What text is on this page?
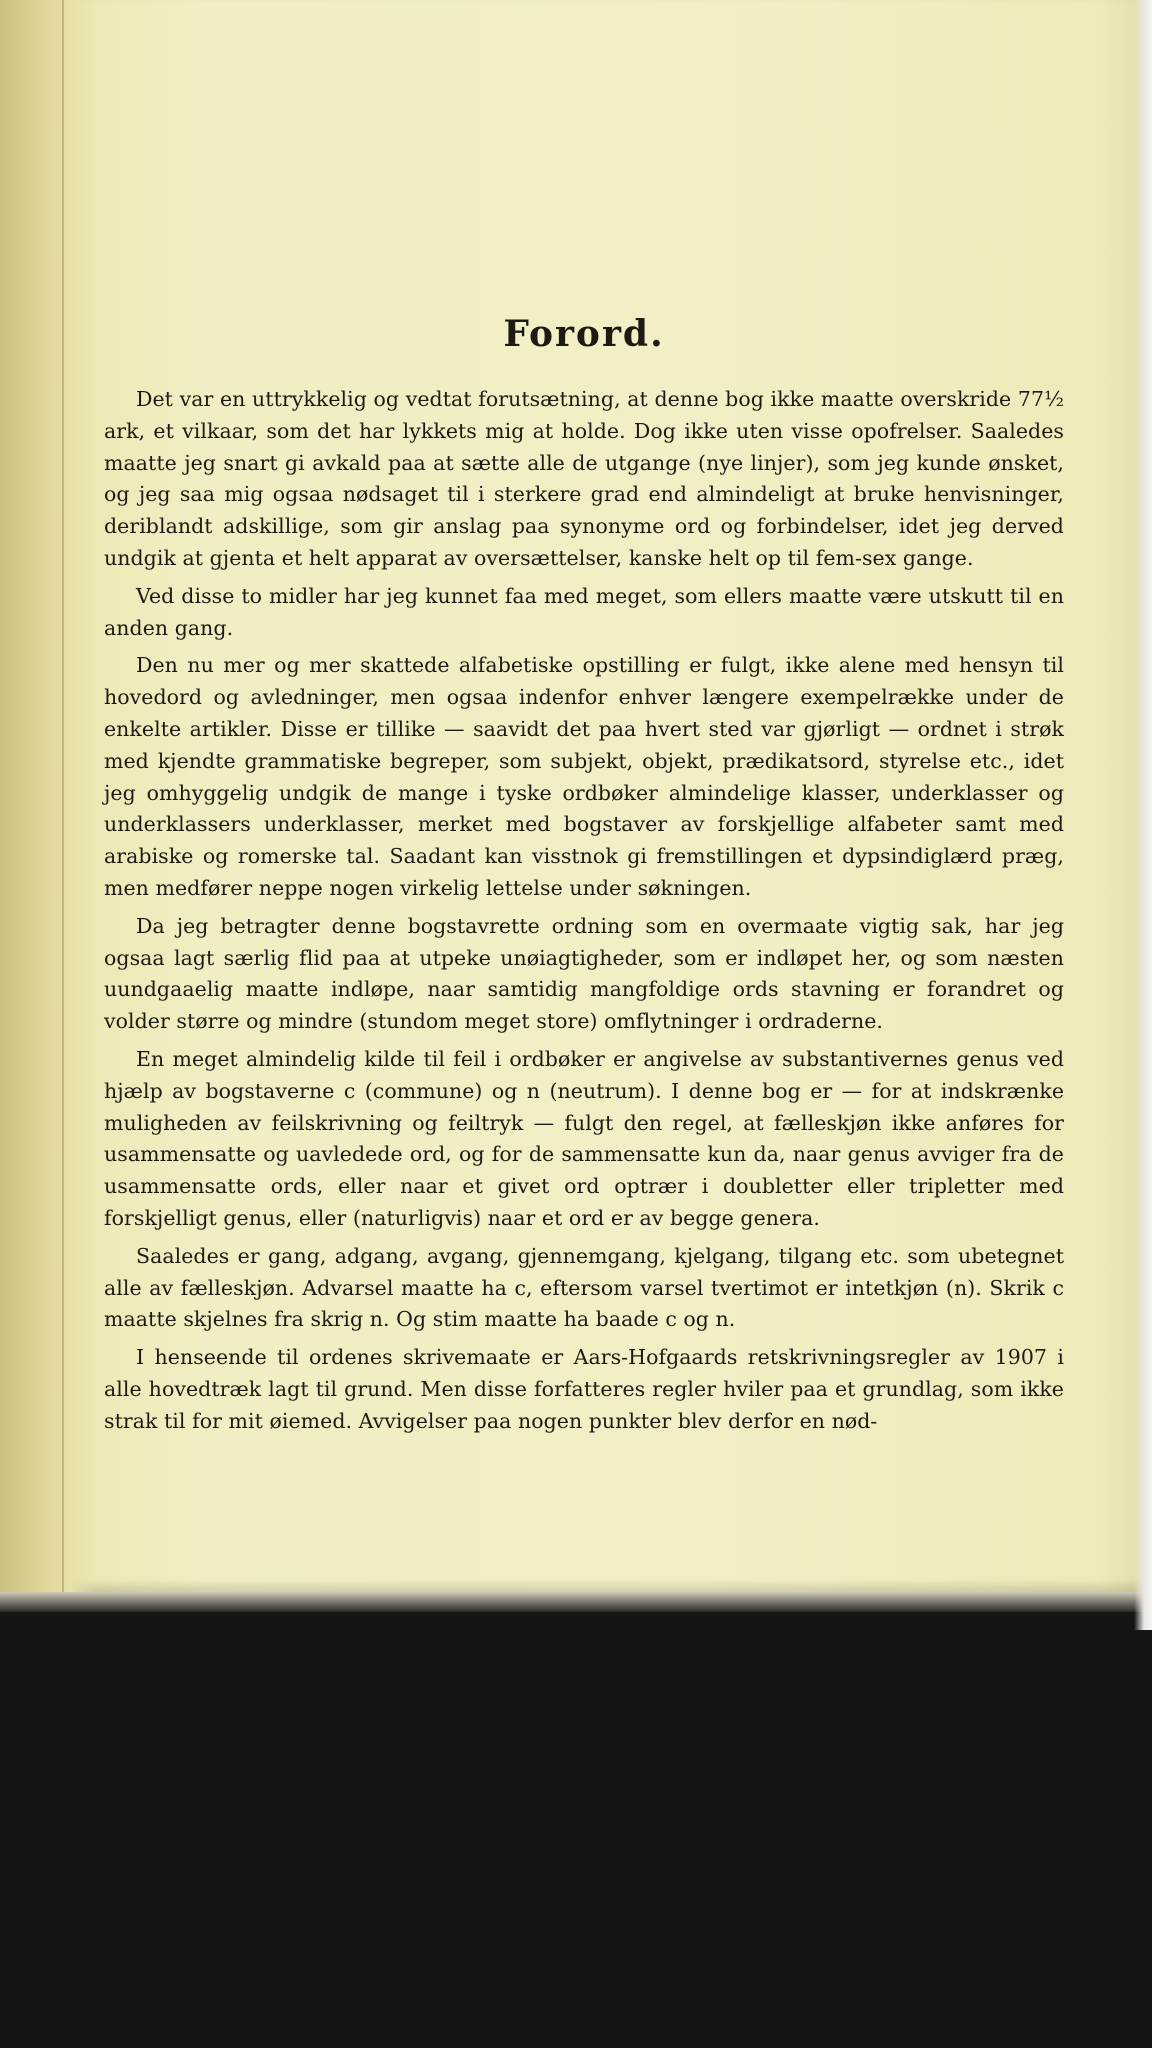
Forord.

Det var en uttrykkelig og vedtat forutsætning, at denne bog ikke maatte overskride 77½ ark, et vilkaar, som det har lykkets mig at holde. Dog ikke uten visse opofrelser. Saaledes maatte jeg snart gi avkald paa at sætte alle de utgange (nye linjer), som jeg kunde ønsket, og jeg saa mig ogsaa nødsaget til i sterkere grad end almindeligt at bruke henvisninger, deriblandt adskillige, som gir anslag paa synonyme ord og forbindelser, idet jeg derved undgik at gjenta et helt apparat av oversættelser, kanske helt op til fem-sex gange.

Ved disse to midler har jeg kunnet faa med meget, som ellers maatte være utskutt til en anden gang.

Den nu mer og mer skattede alfabetiske opstilling er fulgt, ikke alene med hensyn til hovedord og avledninger, men ogsaa indenfor enhver længere exempelrække under de enkelte artikler. Disse er tillike — saavidt det paa hvert sted var gjørligt — ordnet i strøk med kjendte grammatiske begreper, som subjekt, objekt, prædikatsord, styrelse etc., idet jeg omhyggelig undgik de mange i tyske ordbøker almindelige klasser, underklasser og underklassers underklasser, merket med bogstaver av forskjellige alfabeter samt med arabiske og romerske tal. Saadant kan visstnok gi fremstillingen et dypsindiglærd præg, men medfører neppe nogen virkelig lettelse under søkningen.

Da jeg betragter denne bogstavrette ordning som en overmaate vigtig sak, har jeg ogsaa lagt særlig flid paa at utpeke unøiagtigheder, som er indløpet her, og som næsten uundgaaelig maatte indløpe, naar samtidig mangfoldige ords stavning er forandret og volder større og mindre (stundom meget store) omflytninger i ordraderne.

En meget almindelig kilde til feil i ordbøker er angivelse av substantivernes genus ved hjælp av bogstaverne c (commune) og n (neutrum). I denne bog er — for at indskrænke muligheden av feilskrivning og feiltryk — fulgt den regel, at fælleskjøn ikke anføres for usammensatte og uavledede ord, og for de sammensatte kun da, naar genus avviger fra de usammensatte ords, eller naar et givet ord optrær i doubletter eller tripletter med forskjelligt genus, eller (naturligvis) naar et ord er av begge genera.

Saaledes er gang, adgang, avgang, gjennemgang, kjelgang, tilgang etc. som ubetegnet alle av fælleskjøn. Advarsel maatte ha c, eftersom varsel tvertimot er intetkjøn (n). Skrik c maatte skjelnes fra skrig n. Og stim maatte ha baade c og n.

I henseende til ordenes skrivemaate er Aars-Hofgaards retskrivningsregler av 1907 i alle hovedtræk lagt til grund. Men disse forfatteres regler hviler paa et grundlag, som ikke strak til for mit øiemed. Avvigelser paa nogen punkter blev derfor en nød-
